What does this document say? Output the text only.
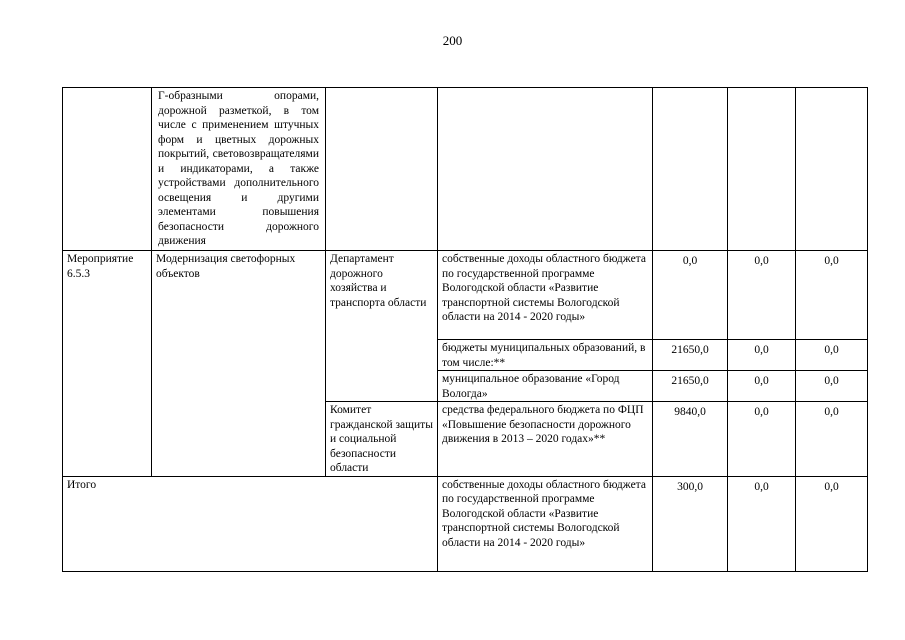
200
	Г-образными опорами, дорожной разметкой, в том числе с применением штучных форм и цветных дорожных покрытий, световозвращателями и индикаторами, а также устройствами дополнительного освещения и другими элементами повышения безопасности дорожного движения					
Мероприятие 6.5.3	Модернизация светофорных объектов	Департамент дорожного хозяйства и транспорта области	собственные доходы областного бюджета по государственной программе Вологодской области «Развитие транспортной системы Вологодской области на 2014 - 2020 годы»	0,0	0,0	0,0
			бюджеты муниципальных образований, в том числе:**	21650,0	0,0	0,0
			муниципальное образование «Город Вологда»	21650,0	0,0	0,0
		Комитет гражданской защиты и социальной безопасности области	средства федерального бюджета по ФЦП «Повышение безопасности дорожного движения в 2013 – 2020 годах»**	9840,0	0,0	0,0
Итого			собственные доходы областного бюджета по государственной программе Вологодской области «Развитие транспортной системы Вологодской области на 2014 - 2020 годы»	300,0	0,0	0,0
